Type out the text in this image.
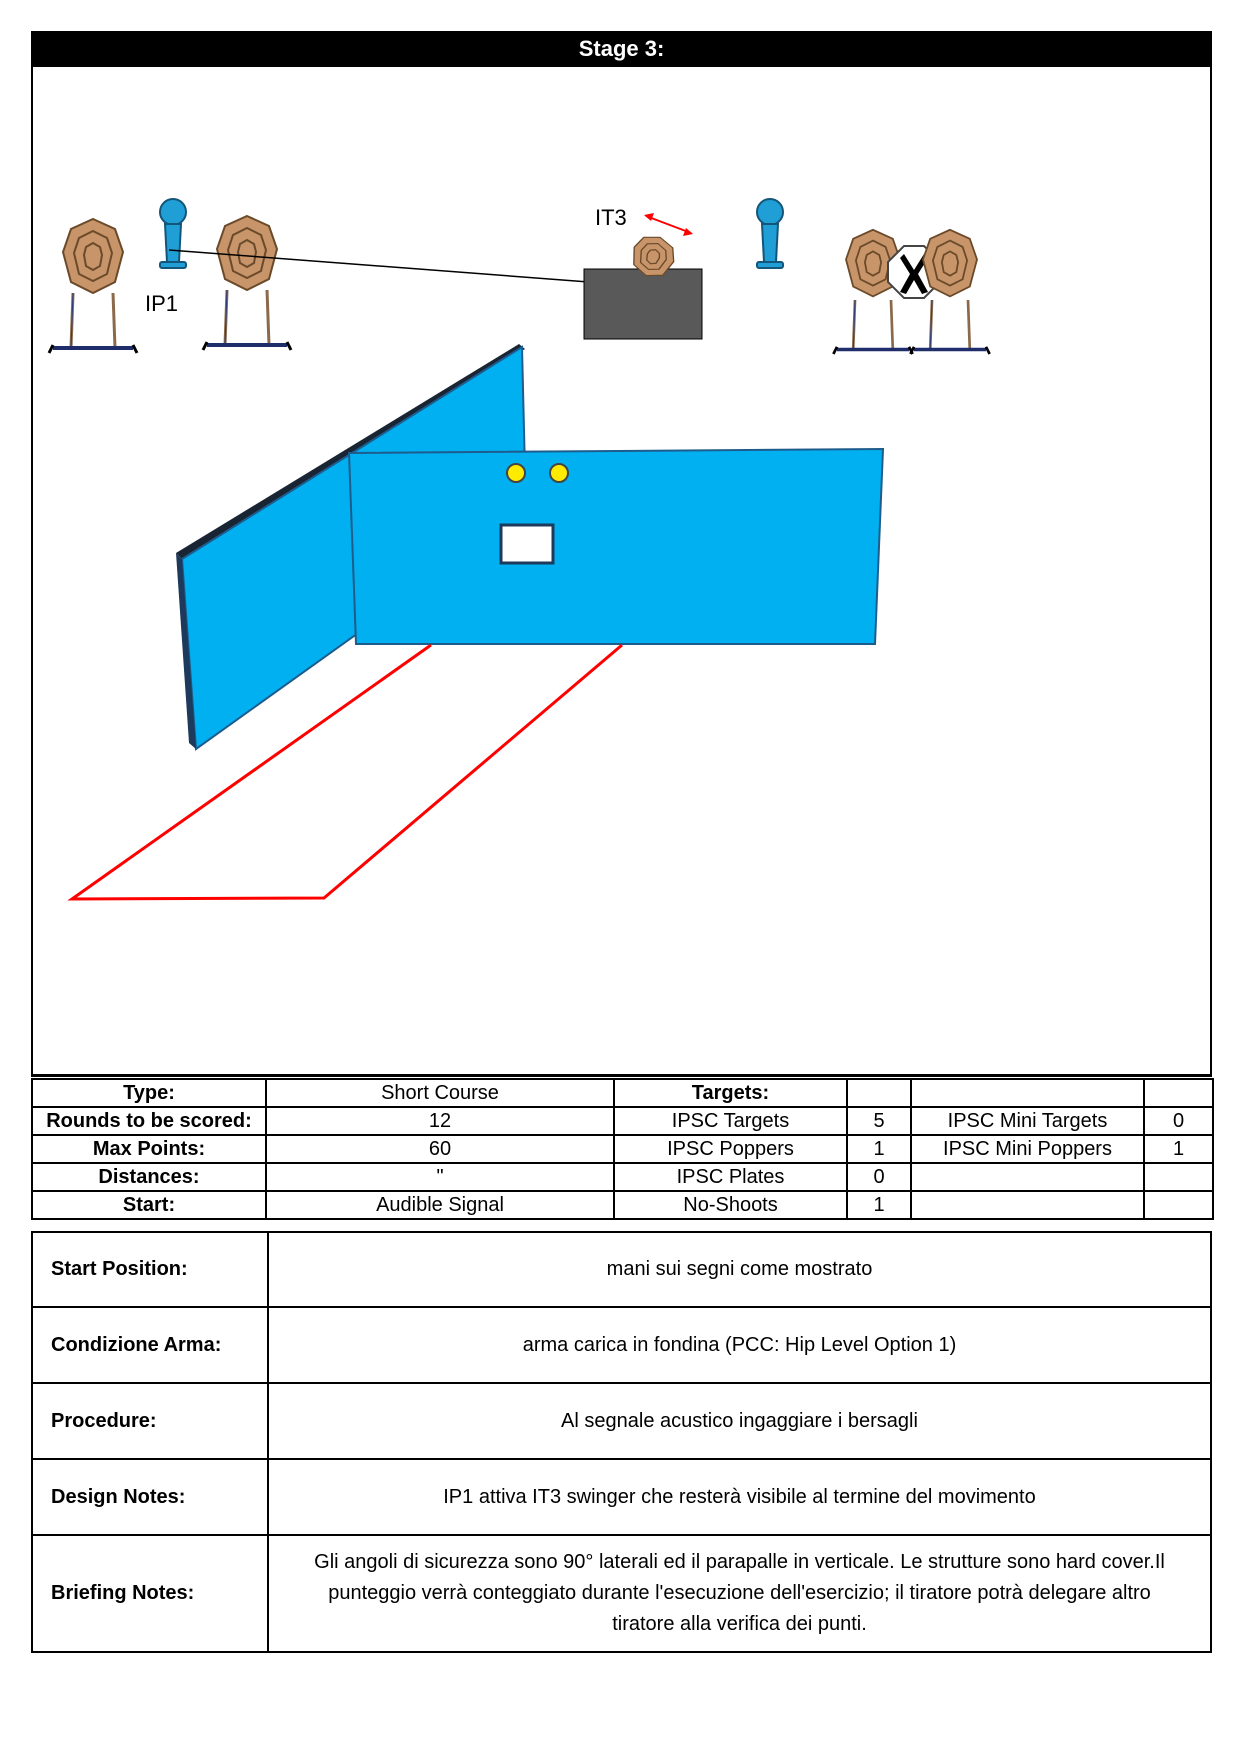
Stage 3:
IP1
IT3
Type:	Short Course	Targets:			
Rounds to be scored:	12	IPSC Targets	5	IPSC Mini Targets	0
Max Points:	60	IPSC Poppers	1	IPSC Mini Poppers	1
Distances:	"	IPSC Plates	0		
Start:	Audible Signal	No-Shoots	1		
Start Position:	mani sui segni come mostrato
Condizione Arma:	arma carica in fondina (PCC: Hip Level Option 1)
Procedure:	Al segnale acustico ingaggiare i bersagli
Design Notes:	IP1 attiva IT3 swinger che resterà visibile al termine del movimento
Briefing Notes:	Gli angoli di sicurezza sono 90° laterali ed il parapalle in verticale. Le strutture sono hard cover.Il punteggio verrà conteggiato durante l'esecuzione dell'esercizio; il tiratore potrà delegare altro tiratore alla verifica dei punti.
